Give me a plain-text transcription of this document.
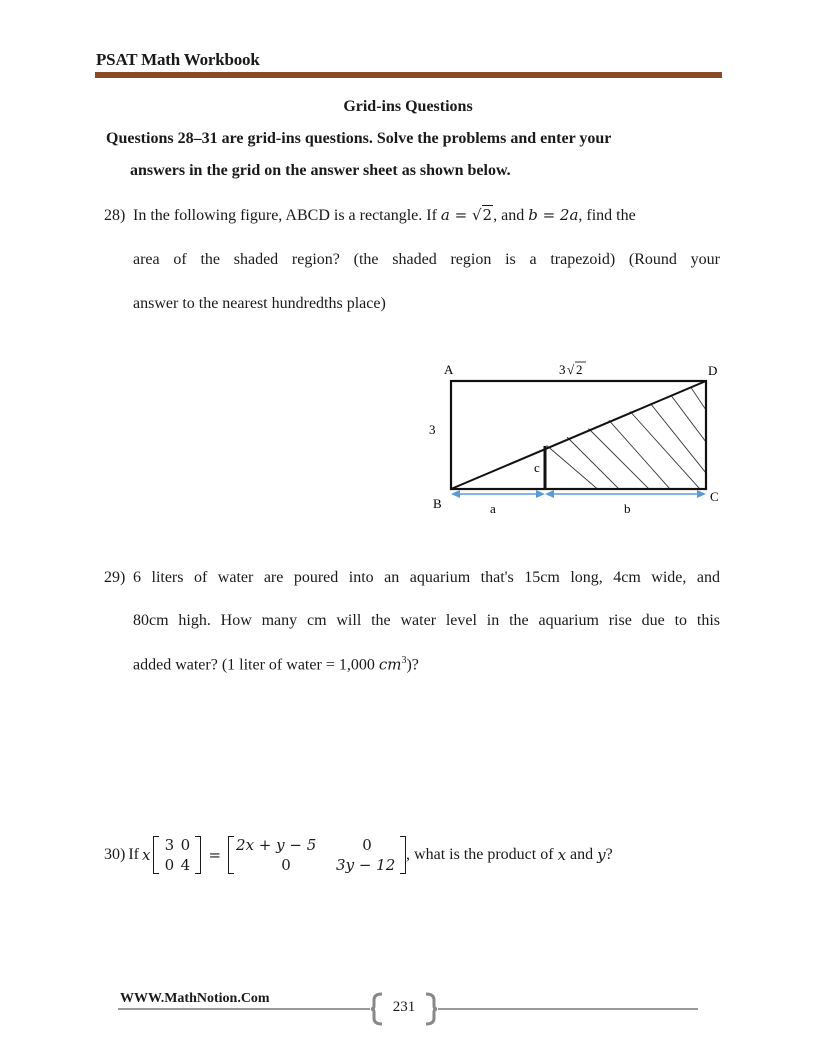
PSAT Math Workbook
Grid-ins Questions
Questions 28–31 are grid-ins questions. Solve the problems and enter your
answers in the grid on the answer sheet as shown below.
28) In the following figure, ABCD is a rectangle. If a = √2, and b = 2a, find the
area of the shaded region? (the shaded region is a trapezoid) (Round your
answer to the nearest hundredths place)
A	D
B	C
3
c
a	b
3 √ 2
29) 6 liters of water are poured into an aquarium that's 15cm long, 4cm wide, and
80cm high. How many cm will the water level in the aquarium rise due to this
added water? (1 liter of water = 1,000 $cm^3$)?
30) If x
3 0
0 4
=
2x + y − 5	0
0	3y − 12
, what is the product of x and y ?
WWW.MathNotion.Com
231
